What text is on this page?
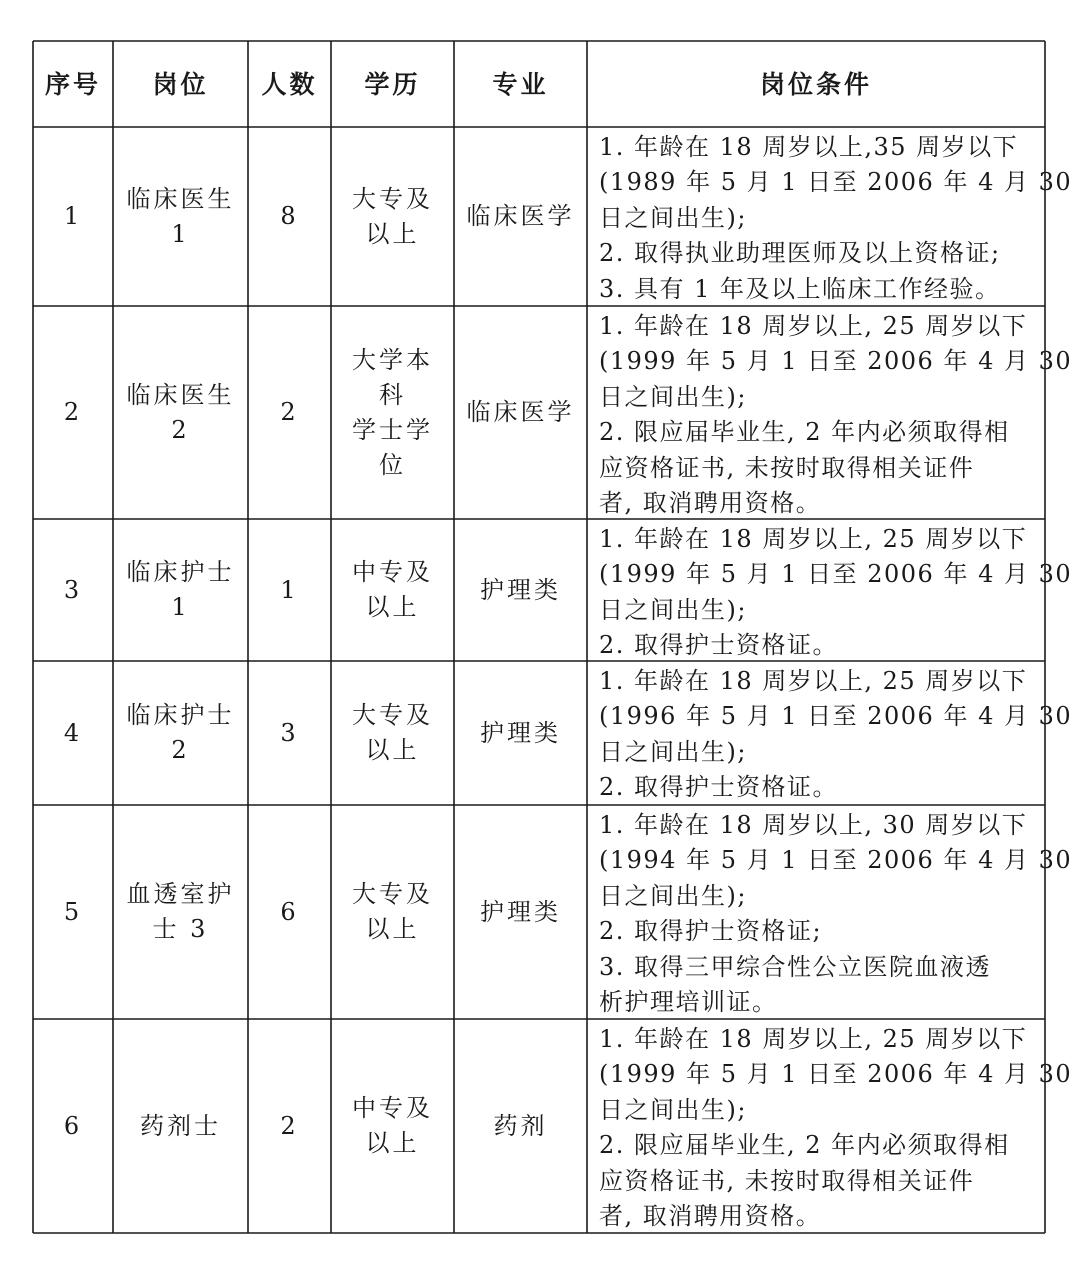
序号 岗位 人数 学历	专业	岗位条件
1
临床医生
1
8
大专及
以上
临床医学
1. 年龄在 18 周岁以上,35 周岁以下
(1989 年 5 月 1 日至 2006 年 4 月 30
日之间出生);
2. 取得执业助理医师及以上资格证;
3. 具有 1 年及以上临床工作经验。
2
临床医生
2
2
大学本
科
学士学
位
临床医学
1. 年龄在 18 周岁以上, 25 周岁以下
(1999 年 5 月 1 日至 2006 年 4 月 30
日之间出生);
2. 限应届毕业生, 2 年内必须取得相
应资格证书, 未按时取得相关证件
者, 取消聘用资格。
3
临床护士
1
1
中专及
以上
护理类
1. 年龄在 18 周岁以上, 25 周岁以下
(1999 年 5 月 1 日至 2006 年 4 月 30
日之间出生);
2. 取得护士资格证。
4
临床护士
2
3
大专及
以上
护理类
1. 年龄在 18 周岁以上, 25 周岁以下
(1996 年 5 月 1 日至 2006 年 4 月 30
日之间出生);
2. 取得护士资格证。
5
血透室护
士 3
6
大专及
以上
护理类
1. 年龄在 18 周岁以上, 30 周岁以下
(1994 年 5 月 1 日至 2006 年 4 月 30
日之间出生);
2. 取得护士资格证;
3. 取得三甲综合性公立医院血液透
析护理培训证。
6 药剂士 2
中专及
以上
药剂
1. 年龄在 18 周岁以上, 25 周岁以下
(1999 年 5 月 1 日至 2006 年 4 月 30
日之间出生);
2. 限应届毕业生, 2 年内必须取得相
应资格证书, 未按时取得相关证件
者, 取消聘用资格。
